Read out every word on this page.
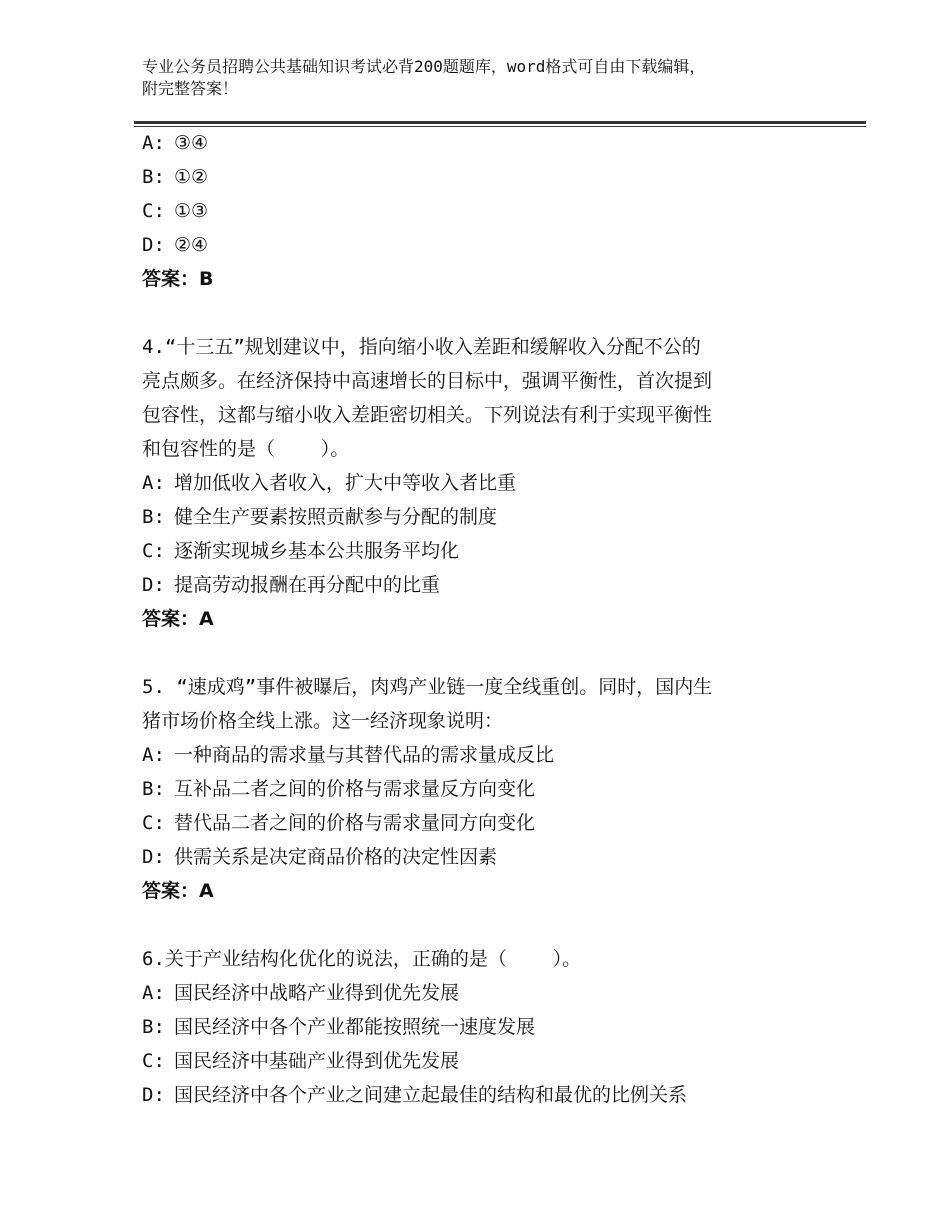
专业公务员招聘公共基础知识考试必背200题题库，word格式可自由下载编辑，
附完整答案！
A: ③④
B: ①②
C: ①③
D: ②④
答案：B
4.“十三五”规划建议中，指向缩小收入差距和缓解收入分配不公的
亮点颇多。在经济保持中高速增长的目标中，强调平衡性，首次提到
包容性，这都与缩小收入差距密切相关。下列说法有利于实现平衡性
和包容性的是（    ）。
A: 增加低收入者收入，扩大中等收入者比重
B: 健全生产要素按照贡献参与分配的制度
C: 逐渐实现城乡基本公共服务平均化
D: 提高劳动报酬在再分配中的比重
答案：A
5. “速成鸡”事件被曝后，肉鸡产业链一度全线重创。同时，国内生
猪市场价格全线上涨。这一经济现象说明：
A: 一种商品的需求量与其替代品的需求量成反比
B: 互补品二者之间的价格与需求量反方向变化
C: 替代品二者之间的价格与需求量同方向变化
D: 供需关系是决定商品价格的决定性因素
答案：A
6.关于产业结构化优化的说法，正确的是（    ）。
A: 国民经济中战略产业得到优先发展
B: 国民经济中各个产业都能按照统一速度发展
C: 国民经济中基础产业得到优先发展
D: 国民经济中各个产业之间建立起最佳的结构和最优的比例关系
